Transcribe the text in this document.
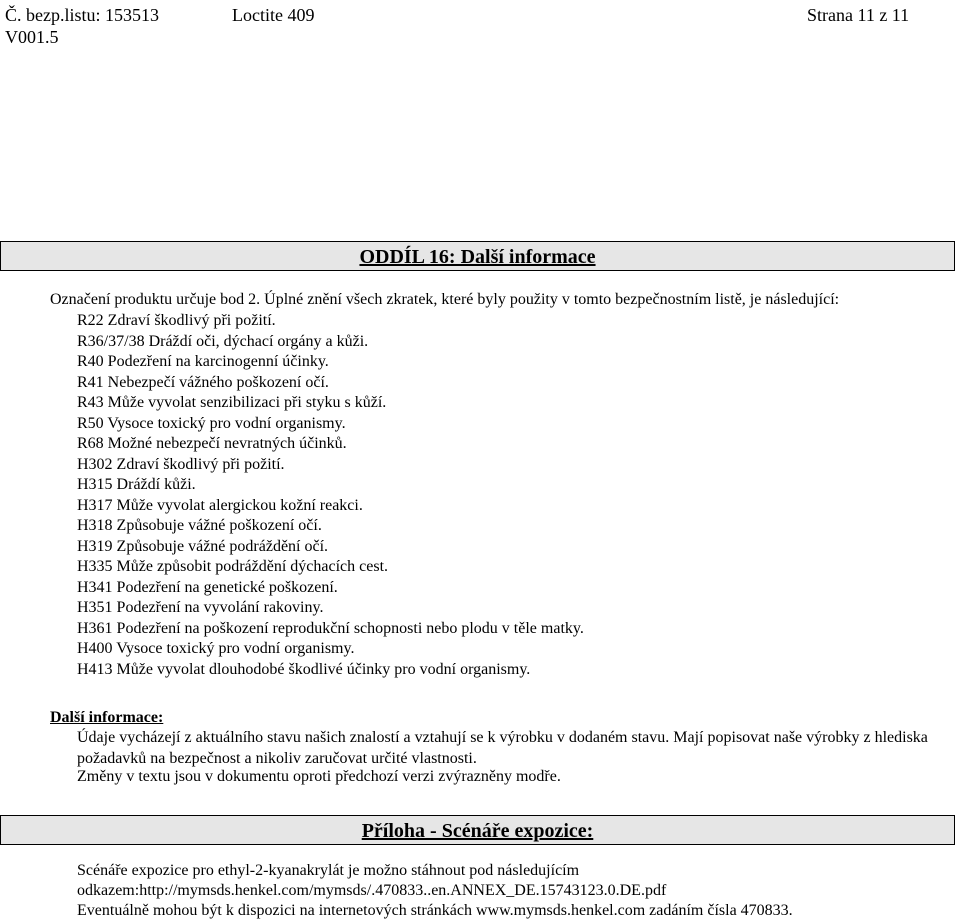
Č. bezp.listu: 153513
V001.5
Loctite 409	Strana 11 z 11
ODDÍL 16: Další informace
Označení produktu určuje bod 2. Úplné znění všech zkratek, které byly použity v tomto bezpečnostním listě, je následující:
R22 Zdraví škodlivý při požití.
R36/37/38 Dráždí oči, dýchací orgány a kůži.
R40 Podezření na karcinogenní účinky.
R41 Nebezpečí vážného poškození očí.
R43 Může vyvolat senzibilizaci při styku s kůží.
R50 Vysoce toxický pro vodní organismy.
R68 Možné nebezpečí nevratných účinků.
H302 Zdraví škodlivý při požití.
H315 Dráždí kůži.
H317 Může vyvolat alergickou kožní reakci.
H318 Způsobuje vážné poškození očí.
H319 Způsobuje vážné podráždění očí.
H335 Může způsobit podráždění dýchacích cest.
H341 Podezření na genetické poškození.
H351 Podezření na vyvolání rakoviny.
H361 Podezření na poškození reprodukční schopnosti nebo plodu v těle matky.
H400 Vysoce toxický pro vodní organismy.
H413 Může vyvolat dlouhodobé škodlivé účinky pro vodní organismy.
Další informace:
Údaje vycházejí z aktuálního stavu našich znalostí a vztahují se k výrobku v dodaném stavu. Mají popisovat naše výrobky z hlediska požadavků na bezpečnost a nikoliv zaručovat určité vlastnosti.
Změny v textu jsou v dokumentu oproti předchozí verzi zvýrazněny modře.
Příloha - Scénáře expozice:
Scénáře expozice pro ethyl-2-kyanakrylát je možno stáhnout pod následujícím
odkazem:http://mymsds.henkel.com/mymsds/.470833..en.ANNEX_DE.15743123.0.DE.pdf
Eventuálně mohou být k dispozici na internetových stránkách www.mymsds.henkel.com zadáním čísla 470833.
